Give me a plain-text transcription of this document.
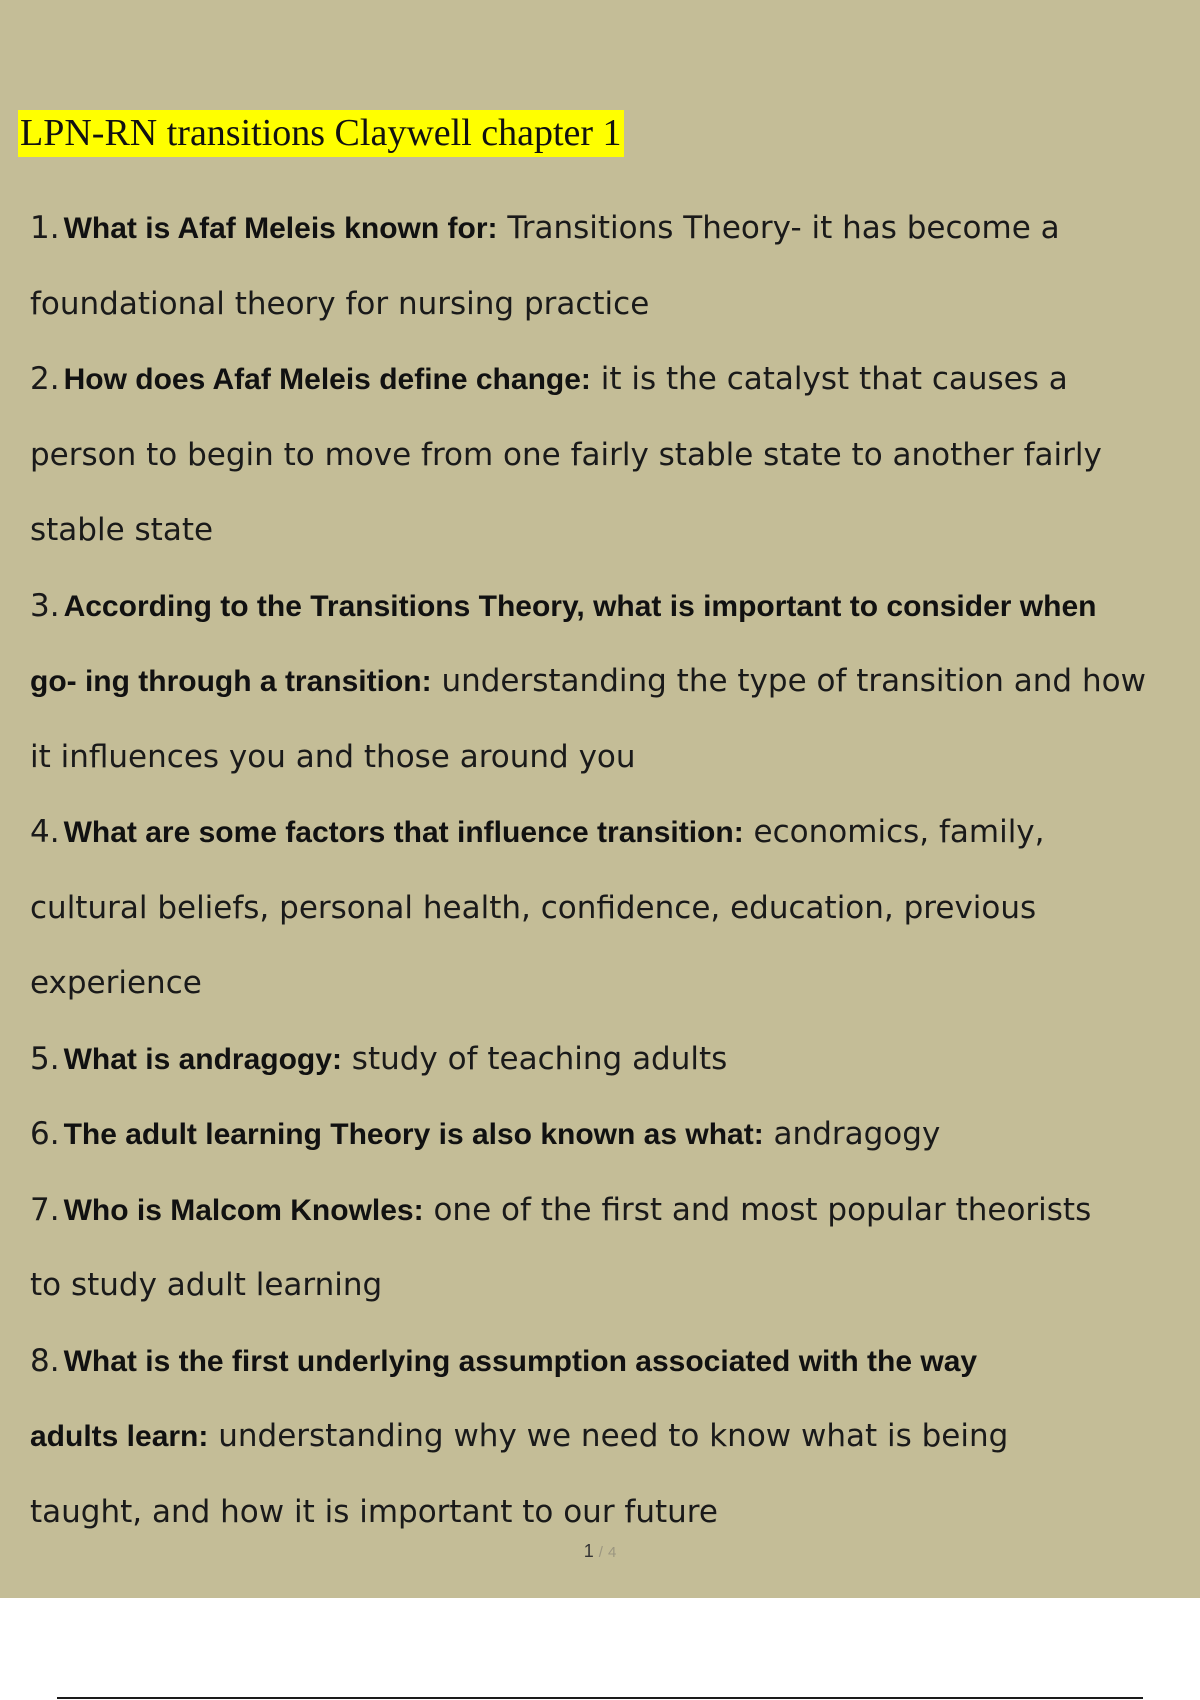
LPN-RN transitions Claywell chapter 1
1. What is Afaf Meleis known for: Transitions Theory- it has become a
foundational theory for nursing practice
2. How does Afaf Meleis define change: it is the catalyst that causes a
person to begin to move from one fairly stable state to another fairly
stable state
3. According to the Transitions Theory, what is important to consider when
go- ing through a transition: understanding the type of transition and how
it influences you and those around you
4. What are some factors that influence transition: economics, family,
cultural beliefs, personal health, confidence, education, previous
experience
5. What is andragogy: study of teaching adults
6. The adult learning Theory is also known as what: andragogy
7. Who is Malcom Knowles: one of the first and most popular theorists
to study adult learning
8. What is the first underlying assumption associated with the way
adults learn: understanding why we need to know what is being
taught, and how it is important to our future
1 / 4
